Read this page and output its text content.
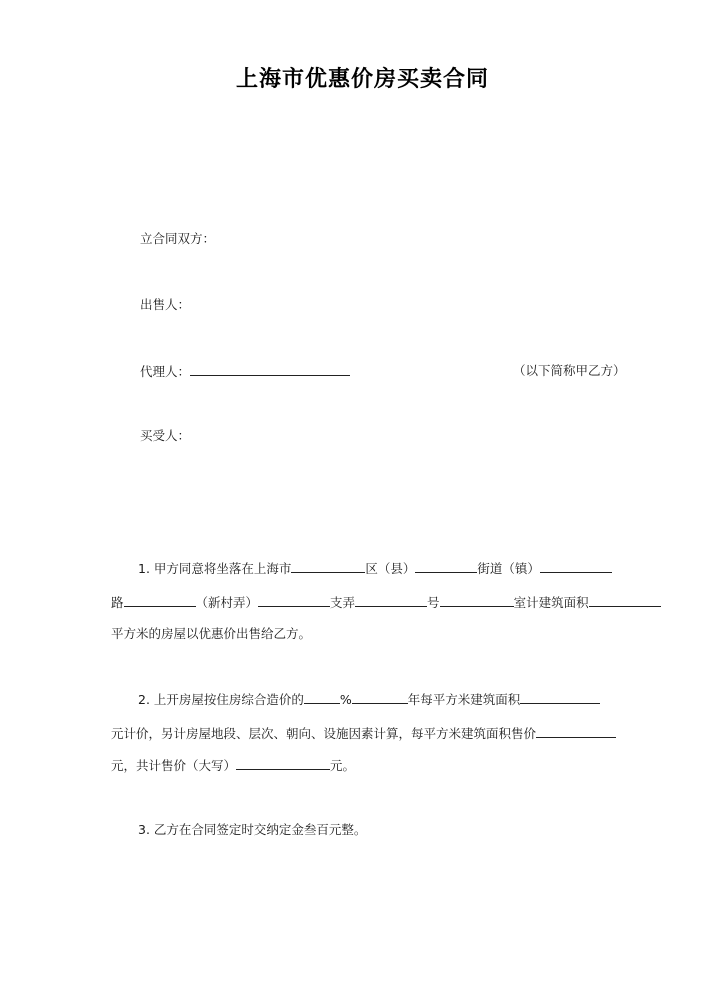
上海市优惠价房买卖合同
立合同双方：
出售人：
代理人：	（以下简称甲乙方）
买受人：
1. 甲方同意将坐落在上海市	区（县）	街道（镇）
路	（新村弄）	支弄	号	室计建筑面积
平方米的房屋以优惠价出售给乙方。
2. 上开房屋按住房综合造价的	%	年每平方米建筑面积
元计价，另计房屋地段、层次、朝向、设施因素计算，每平方米建筑面积售价
元，共计售价（大写）	元。
3. 乙方在合同签定时交纳定金叁百元整。
